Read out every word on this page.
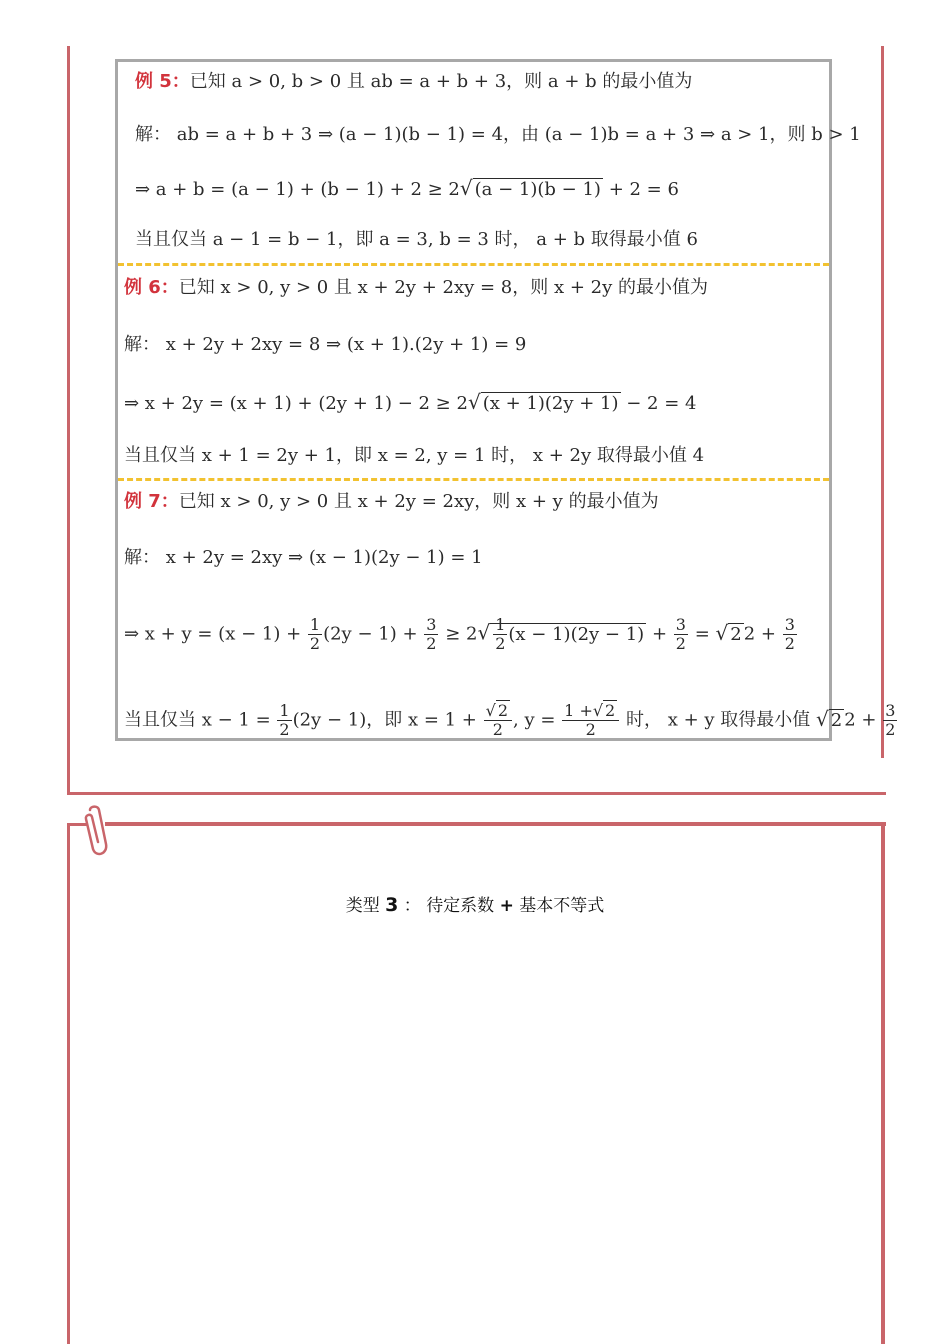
例 5：已知 a > 0, b > 0 且 ab = a + b + 3，则 a + b 的最小值为
解： ab = a + b + 3 ⇒ (a − 1)(b − 1) = 4，由 (a − 1)b = a + 3 ⇒ a > 1，则 b > 1
⇒ a + b = (a − 1) + (b − 1) + 2 ≥ 2√ (a − 1)(b − 1) + 2 = 6
当且仅当 a − 1 = b − 1，即 a = 3, b = 3 时， a + b 取得最小值 6
例 6：已知 x > 0, y > 0 且 x + 2y + 2xy = 8，则 x + 2y 的最小值为
解： x + 2y + 2xy = 8 ⇒ (x + 1).(2y + 1) = 9
⇒ x + 2y = (x + 1) + (2y + 1) − 2 ≥ 2√ (x + 1)(2y + 1) − 2 = 4
当且仅当 x + 1 = 2y + 1，即 x = 2, y = 1 时， x + 2y 取得最小值 4
例 7：已知 x > 0, y > 0 且 x + 2y = 2xy，则 x + y 的最小值为
解： x + 2y = 2xy ⇒ (x − 1)(2y − 1) = 1
⇒ $x + y = (x - 1) + \frac{1}{2} (2y - 1) + \frac{3}{2} \ge 2√ \frac{1}{2} (x - 1)(2y - 1) + \frac{3}{2}$ = √ 2 $2 + \frac{3}{2}$
当且仅当 $x - 1 = \frac{1}{2} (2y - 1)$，即 $x = 1 + \frac{√ 2}{2}$ , $y = \frac{1 +√ 2}{2}$ 时， x + y 取得最小值 √ 2 $2 + \frac{3}{2}$
类型 3 ： 待定系数 + 基本不等式
